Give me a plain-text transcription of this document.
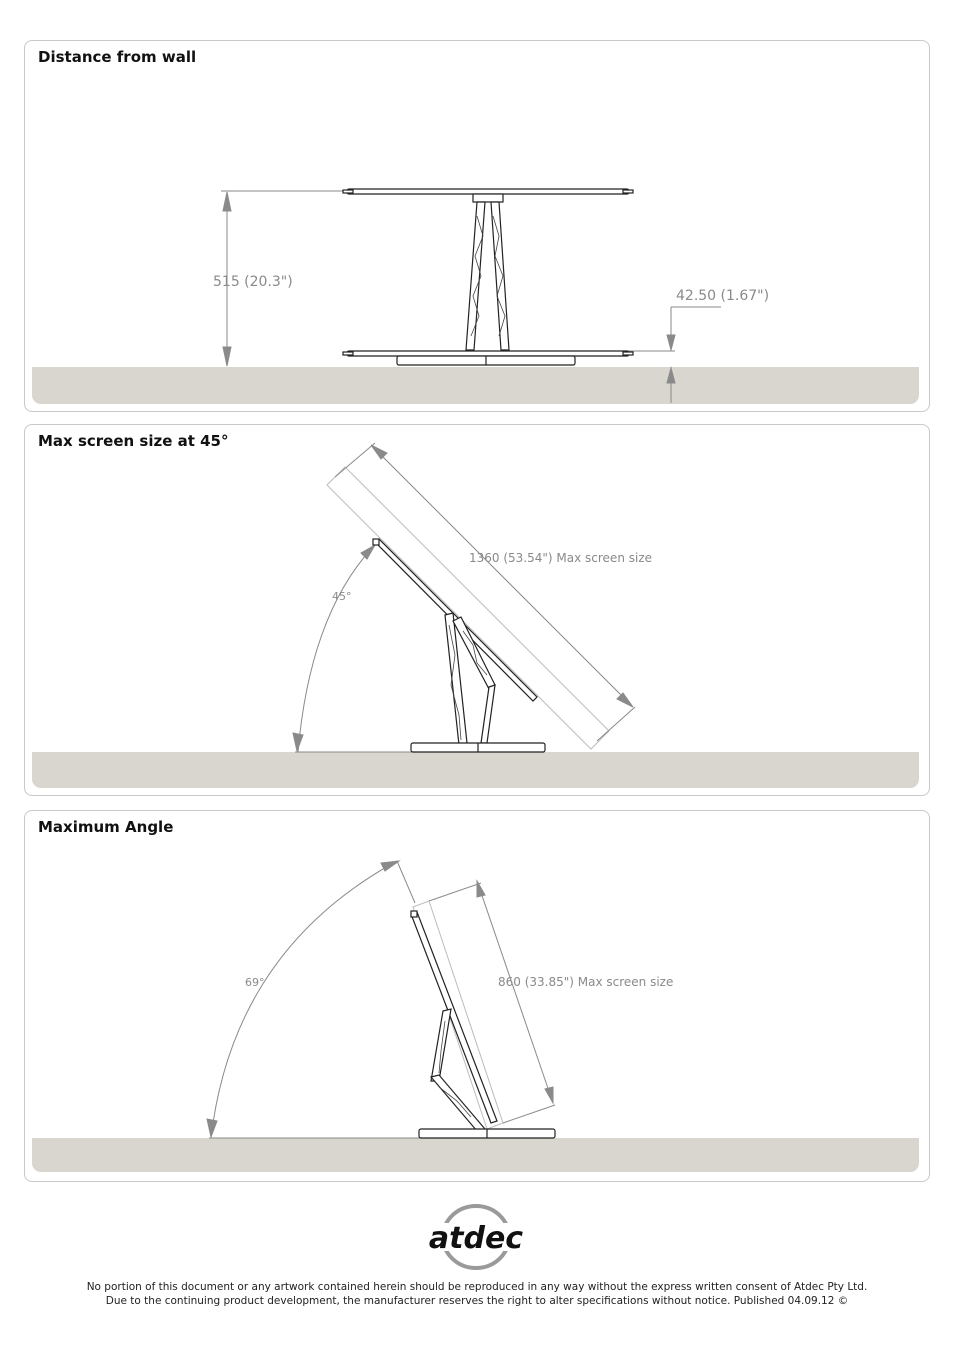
Distance from wall
515 (20.3")
42.50 (1.67")
Max screen size at 45°
1360 (53.54") Max screen size
45°
Maximum Angle
860 (33.85") Max screen size
69°
atdec
No portion of this document or any artwork contained herein should be reproduced in any way without the express written consent of Atdec Pty Ltd.
Due to the continuing product development, the manufacturer reserves the right to alter specifications without notice. Published 04.09.12 ©
